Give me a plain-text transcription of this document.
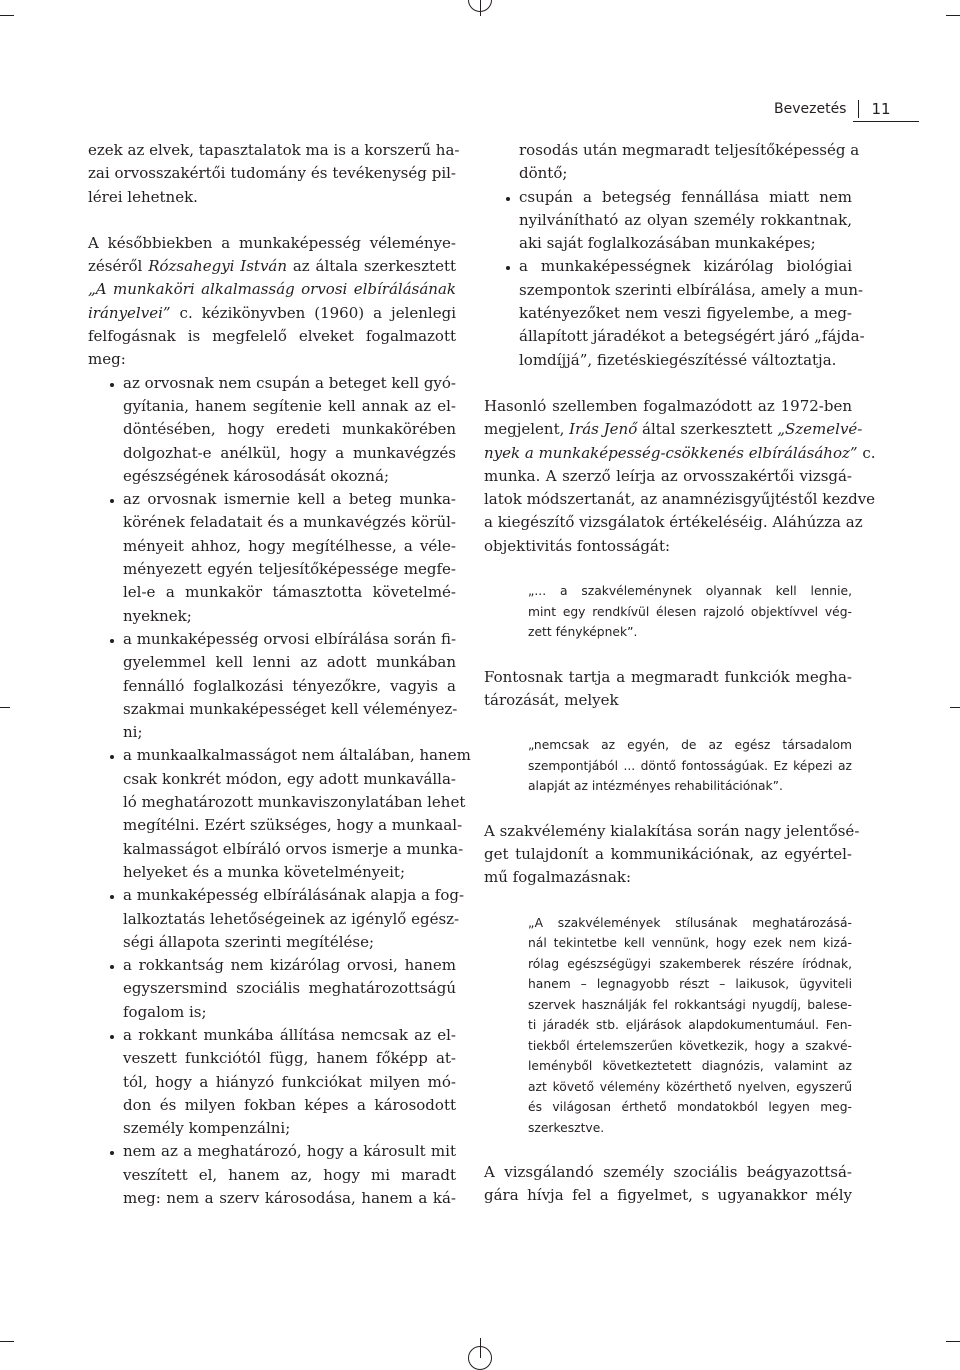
Bevezetés	11
ezek az elvek, tapasztalatok ma is a korszerű ha-
zai orvosszakértői tudomány és tevékenység pil-
lérei lehetnek.
A későbbiekben a munkaképesség véleménye-
zéséről Rózsahegyi István az általa szerkesztett
„A munkaköri alkalmasság orvosi elbírálásának
irányelvei” c. kézikönyvben (1960) a jelenlegi
felfogásnak is megfelelő elveket fogalmazott
meg:
az orvosnak nem csupán a beteget kell gyó-
gyítania, hanem segítenie kell annak az el-
döntésében, hogy eredeti munkakörében
dolgozhat-e anélkül, hogy a munkavégzés
egészségének károsodását okozná;
az orvosnak ismernie kell a beteg munka-
körének feladatait és a munkavégzés körül-
ményeit ahhoz, hogy megítélhesse, a véle-
ményezett egyén teljesítőképessége megfe-
lel-e a munkakör támasztotta követelmé-
nyeknek;
a munkaképesség orvosi elbírálása során fi-
gyelemmel kell lenni az adott munkában
fennálló foglalkozási tényezőkre, vagyis a
szakmai munkaképességet kell véleményez-
ni;
a munkaalkalmasságot nem általában, hanem
csak konkrét módon, egy adott munkavállа-
ló meghatározott munkaviszonylatában lehet
megítélni. Ezért szükséges, hogy a munkaal-
kalmasságot elbíráló orvos ismerje a munka-
helyeket és a munka követelményeit;
a munkaképesség elbírálásának alapja a fog-
lalkoztatás lehetőségeinek az igénylő egész-
ségi állapota szerinti megítélése;
a rokkantság nem kizárólag orvosi, hanem
egyszersmind szociális meghatározottságú
fogalom is;
a rokkant munkába állítása nemcsak az el-
veszett funkciótól függ, hanem főképp at-
tól, hogy a hiányzó funkciókat milyen mó-
don és milyen fokban képes a károsodott
személy kompenzálni;
nem az a meghatározó, hogy a károsult mit
veszített el, hanem az, hogy mi maradt
meg: nem a szerv károsodása, hanem a ká-
rosodás után megmaradt teljesítőképesség a
döntő;
csupán a betegség fennállása miatt nem
nyilvánítható az olyan személy rokkantnak,
aki saját foglalkozásában munkaképes;
a munkaképességnek kizárólag biológiai
szempontok szerinti elbírálása, amely a mun-
katényezőket nem veszi figyelembe, a meg-
állapított járadékot a betegségért járó „fájda-
lomdíjjá”, fizetéskiegészítéssé változtatja.
Hasonló szellemben fogalmazódott az 1972-ben
megjelent, Irás Jenő által szerkesztett „Szemelvé-
nyek a munkaképesség-csökkenés elbírálásához” c.
munka. A szerző leírja az orvosszakértői vizsgá-
latok módszertanát, az anamnézisgyűjtéstől kezdve
a kiegészítő vizsgálatok értékeléséig. Aláhúzza az
objektivitás fontosságát:
„... a szakvéleménynek olyannak kell lennie,
mint egy rendkívül élesen rajzoló objektívvel vég-
zett fényképnek”.
Fontosnak tartja a megmaradt funkciók megha-
tározását, melyek
„nemcsak az egyén, de az egész társadalom
szempontjából ... döntő fontosságúak. Ez képezi az
alapját az intézményes rehabilitációnak”.
A szakvélemény kialakítása során nagy jelentősé-
get tulajdonít a kommunikációnak, az egyértel-
mű fogalmazásnak:
„A szakvélemények stílusának meghatározásá-
nál tekintetbe kell vennünk, hogy ezek nem kizá-
rólag egészségügyi szakemberek részére íródnak,
hanem – legnagyobb részt – laikusok, ügyviteli
szervek használják fel rokkantsági nyugdíj, balese-
ti járadék stb. eljárások alapdokumentumául. Fen-
tiekből értelemszerűen következik, hogy a szakvé-
leményből következtetett diagnózis, valamint az
azt követő vélemény közérthető nyelven, egyszerű
és világosan érthető mondatokból legyen meg-
szerkesztve.
A vizsgálandó személy szociális beágyazottsá-
gára hívja fel a figyelmet, s ugyanakkor mély
